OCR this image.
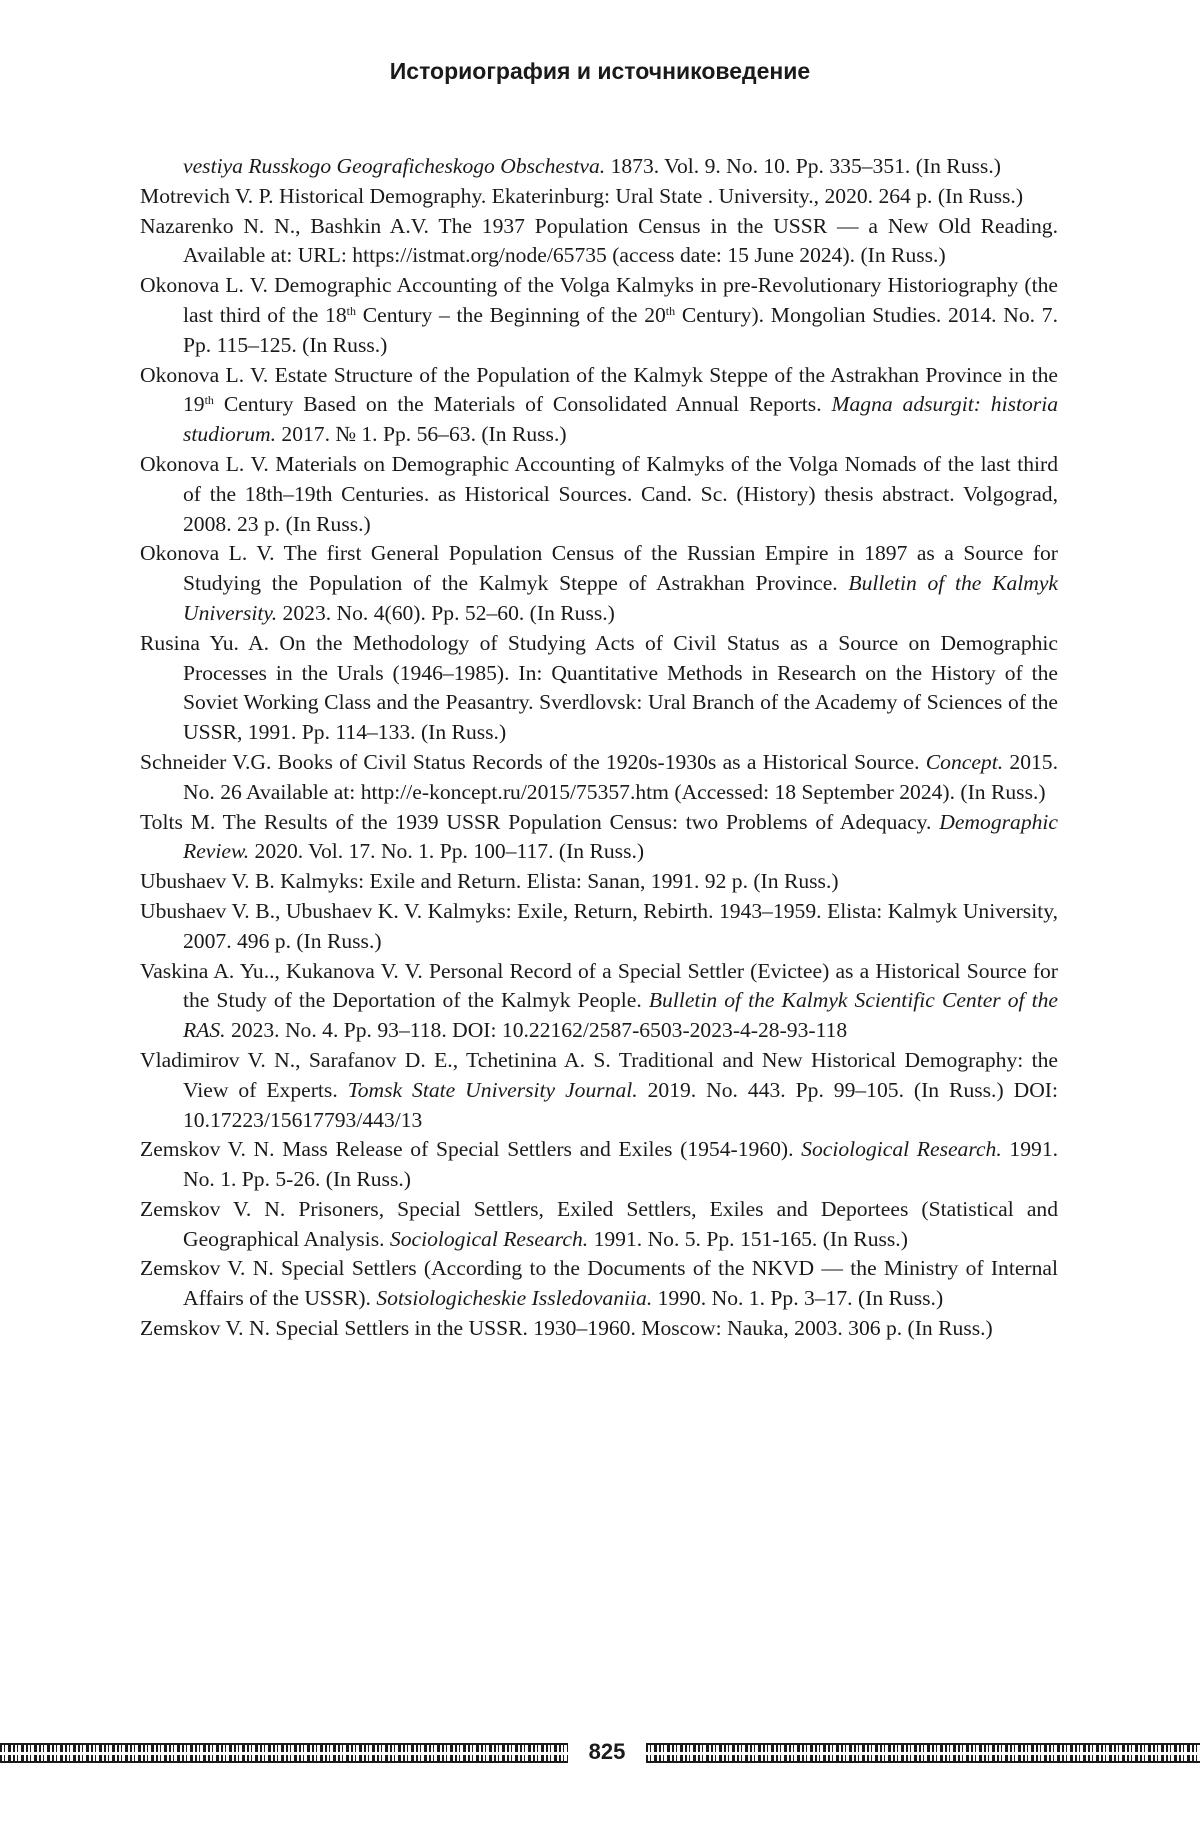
Историография и источниковедение
vestiya Russkogo Geograficheskogo Obschestva. 1873. Vol. 9. No. 10. Pp. 335–351. (In Russ.)
Motrevich V. P. Historical Demography. Ekaterinburg: Ural State . University., 2020. 264 p. (In Russ.)
Nazarenko N. N., Bashkin A.V. The 1937 Population Census in the USSR — a New Old Reading. Available at: URL: https://istmat.org/node/65735 (access date: 15 June 2024). (In Russ.)
Okonova L. V. Demographic Accounting of the Volga Kalmyks in pre-Revolutionary Historiography (the last third of the 18th Century – the Beginning of the 20th Century). Mongolian Studies. 2014. No. 7. Pp. 115–125. (In Russ.)
Okonova L. V. Estate Structure of the Population of the Kalmyk Steppe of the Astrakhan Province in the 19th Century Based on the Materials of Consolidated Annual Reports. Magna adsurgit: historia studiorum. 2017. № 1. Pp. 56–63. (In Russ.)
Okonova L. V. Materials on Demographic Accounting of Kalmyks of the Volga Nomads of the last third of the 18th–19th Centuries. as Historical Sources. Cand. Sc. (History) thesis abstract. Volgograd, 2008. 23 p. (In Russ.)
Okonova L. V. The first General Population Census of the Russian Empire in 1897 as a Source for Studying the Population of the Kalmyk Steppe of Astrakhan Province. Bulletin of the Kalmyk University. 2023. No. 4(60). Pp. 52–60. (In Russ.)
Rusina Yu. A. On the Methodology of Studying Acts of Civil Status as a Source on Demographic Processes in the Urals (1946–1985). In: Quantitative Methods in Research on the History of the Soviet Working Class and the Peasantry. Sverdlovsk: Ural Branch of the Academy of Sciences of the USSR, 1991. Pp. 114–133. (In Russ.)
Schneider V.G. Books of Civil Status Records of the 1920s-1930s as a Historical Source. Concept. 2015. No. 26 Available at: http://e-koncept.ru/2015/75357.htm (Accessed: 18 September 2024). (In Russ.)
Tolts M. The Results of the 1939 USSR Population Census: two Problems of Adequacy. Demographic Review. 2020. Vol. 17. No. 1. Pp. 100–117. (In Russ.)
Ubushaev V. B. Kalmyks: Exile and Return. Elista: Sanan, 1991. 92 p. (In Russ.)
Ubushaev V. B., Ubushaev K. V. Kalmyks: Exile, Return, Rebirth. 1943–1959. Elista: Kalmyk University, 2007. 496 p. (In Russ.)
Vaskina A. Yu.., Kukanova V. V. Personal Record of a Special Settler (Evictee) as a Historical Source for the Study of the Deportation of the Kalmyk People. Bulletin of the Kalmyk Scientific Center of the RAS. 2023. No. 4. Pp. 93–118. DOI: 10.22162/2587-6503-2023-4-28-93-118
Vladimirov V. N., Sarafanov D. E., Tchetinina A. S. Traditional and New Historical Demography: the View of Experts. Tomsk State University Journal. 2019. No. 443. Pp. 99–105. (In Russ.) DOI: 10.17223/15617793/443/13
Zemskov V. N. Mass Release of Special Settlers and Exiles (1954-1960). Sociological Research. 1991. No. 1. Pp. 5-26. (In Russ.)
Zemskov V. N. Prisoners, Special Settlers, Exiled Settlers, Exiles and Deportees (Statistical and Geographical Analysis. Sociological Research. 1991. No. 5. Pp. 151-165. (In Russ.)
Zemskov V. N. Special Settlers (According to the Documents of the NKVD — the Ministry of Internal Affairs of the USSR). Sotsiologicheskie Issledovaniia. 1990. No. 1. Pp. 3–17. (In Russ.)
Zemskov V. N. Special Settlers in the USSR. 1930–1960. Moscow: Nauka, 2003. 306 p. (In Russ.)
825
